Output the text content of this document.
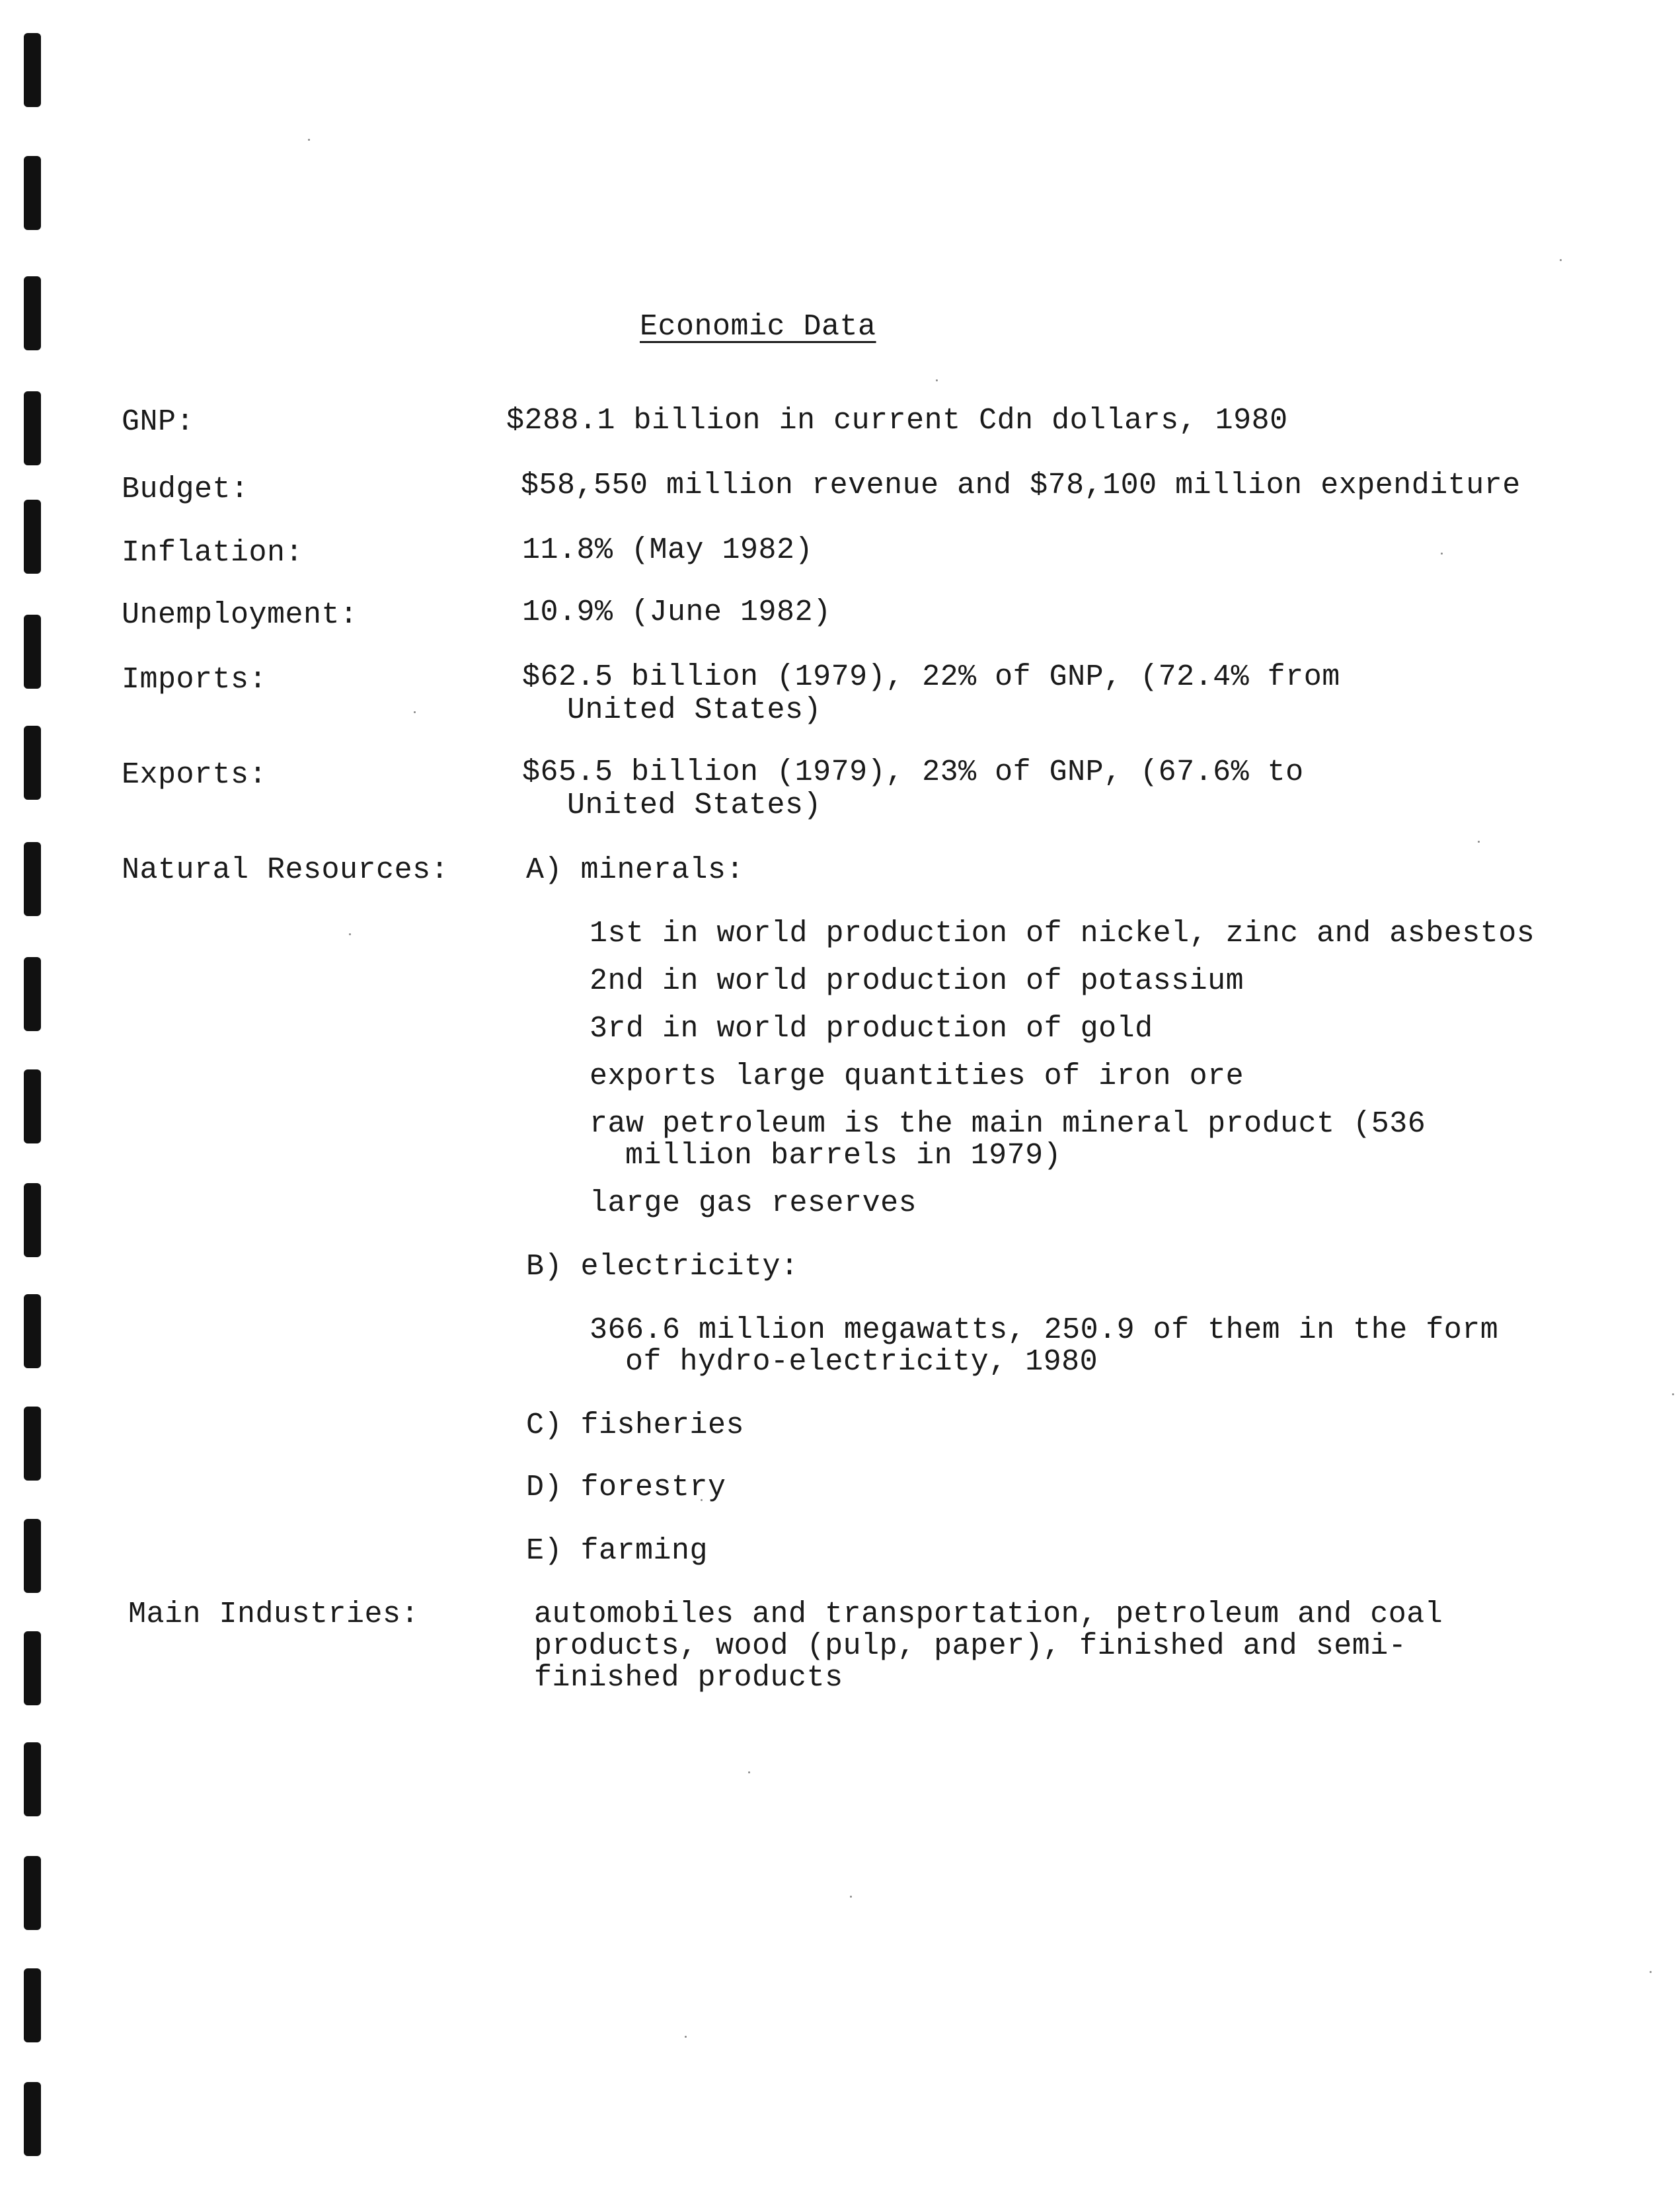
Economic Data
GNP:	$288.1 billion in current Cdn dollars, 1980
Budget:	$58,550 million revenue and $78,100 million expenditure
Inflation:	11.8% (May 1982)
Unemployment:	10.9% (June 1982)
Imports:	$62.5 billion (1979), 22% of GNP, (72.4% from
United States)
Exports:	$65.5 billion (1979), 23% of GNP, (67.6% to
United States)
Natural Resources:	A) minerals:
1st in world production of nickel, zinc and asbestos
2nd in world production of potassium
3rd in world production of gold
exports large quantities of iron ore
raw petroleum is the main mineral product (536
million barrels in 1979)
large gas reserves
B) electricity:
366.6 million megawatts, 250.9 of them in the form
of hydro-electricity, 1980
C) fisheries
D) forestry
E) farming
Main Industries:	automobiles and transportation, petroleum and coal
products, wood (pulp, paper), finished and semi-
finished products
